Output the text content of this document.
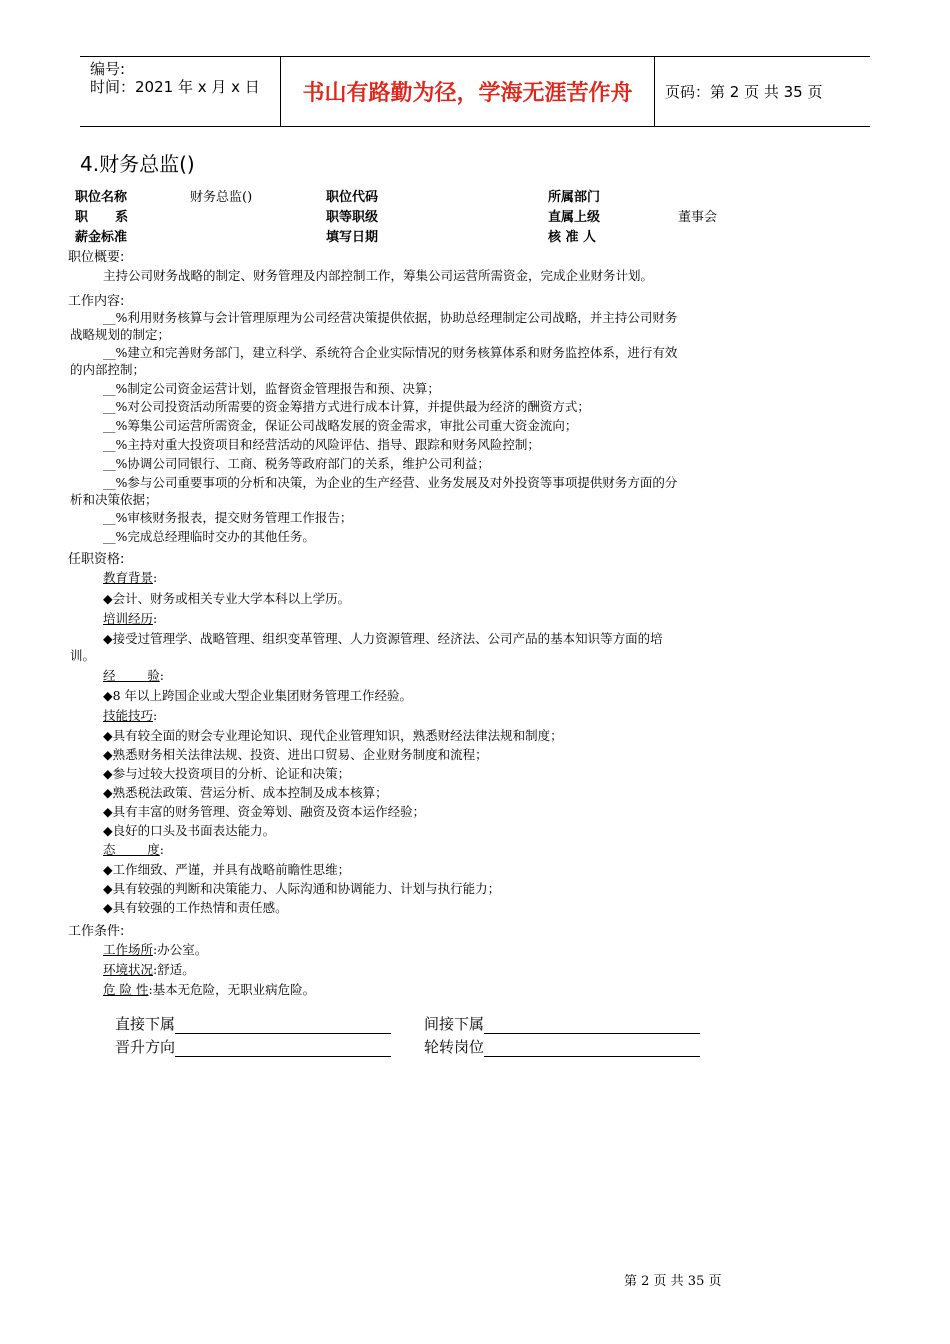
编号:
时间：2021 年 x 月 x 日	书山有路勤为径，学海无涯苦作舟	页码：第 2 页 共 35 页
4.财务总监()
职位名称	财务总监()	职位代码	所属部门
职      系	职等职级	直属上级	董事会
薪金标准	填写日期	核 准 人
职位概要:
主持公司财务战略的制定、财务管理及内部控制工作，筹集公司运营所需资金，完成企业财务计划。
工作内容:
__%利用财务核算与会计管理原理为公司经营决策提供依据，协助总经理制定公司战略，并主持公司财务
战略规划的制定；
__%建立和完善财务部门，建立科学、系统符合企业实际情况的财务核算体系和财务监控体系，进行有效
的内部控制；
__%制定公司资金运营计划，监督资金管理报告和预、决算；
__%对公司投资活动所需要的资金筹措方式进行成本计算，并提供最为经济的酬资方式；
__%筹集公司运营所需资金，保证公司战略发展的资金需求，审批公司重大资金流向；
__%主持对重大投资项目和经营活动的风险评估、指导、跟踪和财务风险控制；
__%协调公司同银行、工商、税务等政府部门的关系，维护公司利益；
__%参与公司重要事项的分析和决策，为企业的生产经营、业务发展及对外投资等事项提供财务方面的分
析和决策依据；
__%审核财务报表，提交财务管理工作报告；
__%完成总经理临时交办的其他任务。
任职资格:
教育背景:
◆会计、财务或相关专业大学本科以上学历。
培训经历:
◆接受过管理学、战略管理、组织变革管理、人力资源管理、经济法、公司产品的基本知识等方面的培
训。
经        验:
◆8 年以上跨国企业或大型企业集团财务管理工作经验。
技能技巧:
◆具有较全面的财会专业理论知识、现代企业管理知识，熟悉财经法律法规和制度；
◆熟悉财务相关法律法规、投资、进出口贸易、企业财务制度和流程；
◆参与过较大投资项目的分析、论证和决策；
◆熟悉税法政策、营运分析、成本控制及成本核算；
◆具有丰富的财务管理、资金筹划、融资及资本运作经验；
◆良好的口头及书面表达能力。
态        度:
◆工作细致、严谨，并具有战略前瞻性思维；
◆具有较强的判断和决策能力、人际沟通和协调能力、计划与执行能力；
◆具有较强的工作热情和责任感。
工作条件:
工作场所:办公室。
环境状况:舒适。
危 险 性:基本无危险，无职业病危险。
直接下属	间接下属
晋升方向	轮转岗位
第 2 页 共 35 页
